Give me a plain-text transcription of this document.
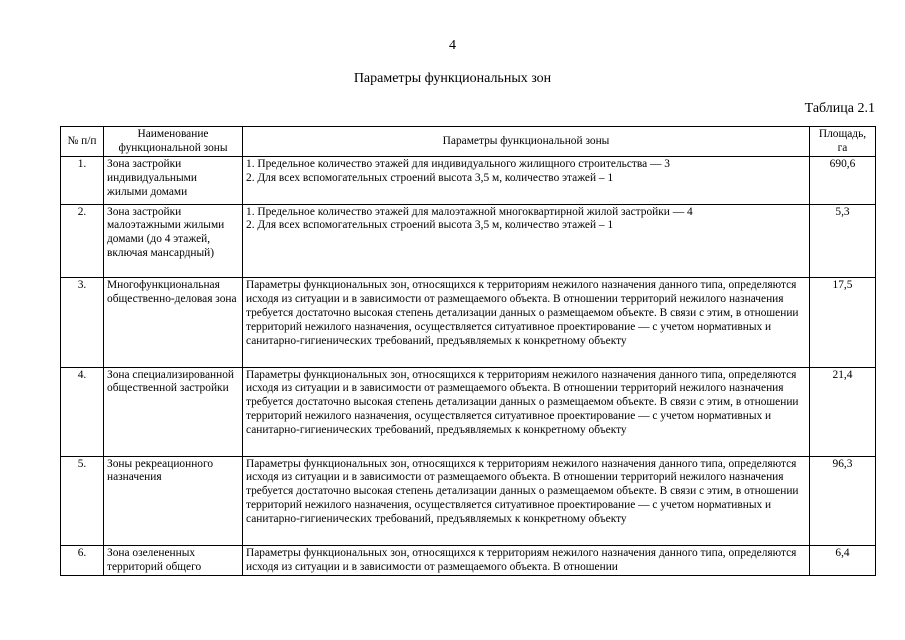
4
Параметры функциональных зон
Таблица 2.1
№ п/п	Наименование функциональной зоны	Параметры функциональной зоны	Площадь, га
1.	Зона застройки индивидуальными жилыми домами	1. Предельное количество этажей для индивидуального жилищного строительства — 3
2. Для всех вспомогательных строений высота 3,5 м, количество этажей – 1	690,6
2.	Зона застройки малоэтажными жилыми домами (до 4 этажей, включая мансардный)	1. Предельное количество этажей для малоэтажной многоквартирной жилой застройки — 4
2. Для всех вспомогательных строений высота 3,5 м, количество этажей – 1	5,3
3.	Многофункциональная общественно-деловая зона	Параметры функциональных зон, относящихся к территориям нежилого назначения данного типа, определяются исходя из ситуации и в зависимости от размещаемого объекта. В отношении территорий нежилого назначения требуется достаточно высокая степень детализации данных о размещаемом объекте. В связи с этим, в отношении территорий нежилого назначения, осуществляется ситуативное проектирование — с учетом нормативных и санитарно-гигиенических требований, предъявляемых к конкретному объекту	17,5
4.	Зона специализированной общественной застройки	Параметры функциональных зон, относящихся к территориям нежилого назначения данного типа, определяются исходя из ситуации и в зависимости от размещаемого объекта. В отношении территорий нежилого назначения требуется достаточно высокая степень детализации данных о размещаемом объекте. В связи с этим, в отношении территорий нежилого назначения, осуществляется ситуативное проектирование — с учетом нормативных и санитарно-гигиенических требований, предъявляемых к конкретному объекту	21,4
5.	Зоны рекреационного назначения	Параметры функциональных зон, относящихся к территориям нежилого назначения данного типа, определяются исходя из ситуации и в зависимости от размещаемого объекта. В отношении территорий нежилого назначения требуется достаточно высокая степень детализации данных о размещаемом объекте. В связи с этим, в отношении территорий нежилого назначения, осуществляется ситуативное проектирование — с учетом нормативных и санитарно-гигиенических требований, предъявляемых к конкретному объекту	96,3
6.	Зона озелененных территорий общего	Параметры функциональных зон, относящихся к территориям нежилого назначения данного типа, определяются исходя из ситуации и в зависимости от размещаемого объекта. В отношении	6,4
